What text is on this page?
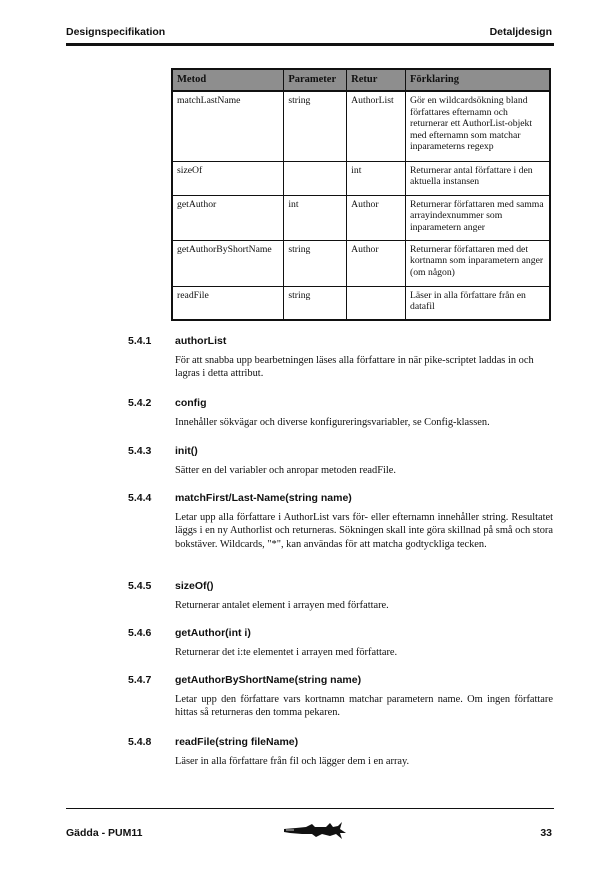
Designspecifikation	Detaljdesign
Metod	Parameter	Retur	Förklaring
matchLastName	string	AuthorList	Gör en wildcardsökning bland författares efternamn och returnerar ett AuthorList-objekt med efternamn som matchar inparameterns regexp
sizeOf		int	Returnerar antal författare i den aktuella instansen
getAuthor	int	Author	Returnerar författaren med samma arrayindexnummer som inparametern anger
getAuthorByShortName	string	Author	Returnerar författaren med det kortnamn som inparametern anger (om någon)
readFile	string		Läser in alla författare från en datafil
5.4.1 authorList
För att snabba upp bearbetningen läses alla författare in när pike-scriptet laddas in och lagras i detta attribut.
5.4.2 config
Innehåller sökvägar och diverse konfigureringsvariabler, se Config-klassen.
5.4.3 init()
Sätter en del variabler och anropar metoden readFile.
5.4.4 matchFirst/Last-Name(string name)
Letar upp alla författare i AuthorList vars för- eller efternamn innehåller string. Resultatet läggs i en ny Authorlist och returneras. Sökningen skall inte göra skillnad på små och stora bokstäver. Wildcards, "*", kan användas för att matcha godtyckliga tecken.
5.4.5 sizeOf()
Returnerar antalet element i arrayen med författare.
5.4.6 getAuthor(int i)
Returnerar det i:te elementet i arrayen med författare.
5.4.7 getAuthorByShortName(string name)
Letar upp den författare vars kortnamn matchar parametern name. Om ingen författare hittas så returneras den tomma pekaren.
5.4.8 readFile(string fileName)
Läser in alla författare från fil och lägger dem i en array.
Gädda - PUM11	33
